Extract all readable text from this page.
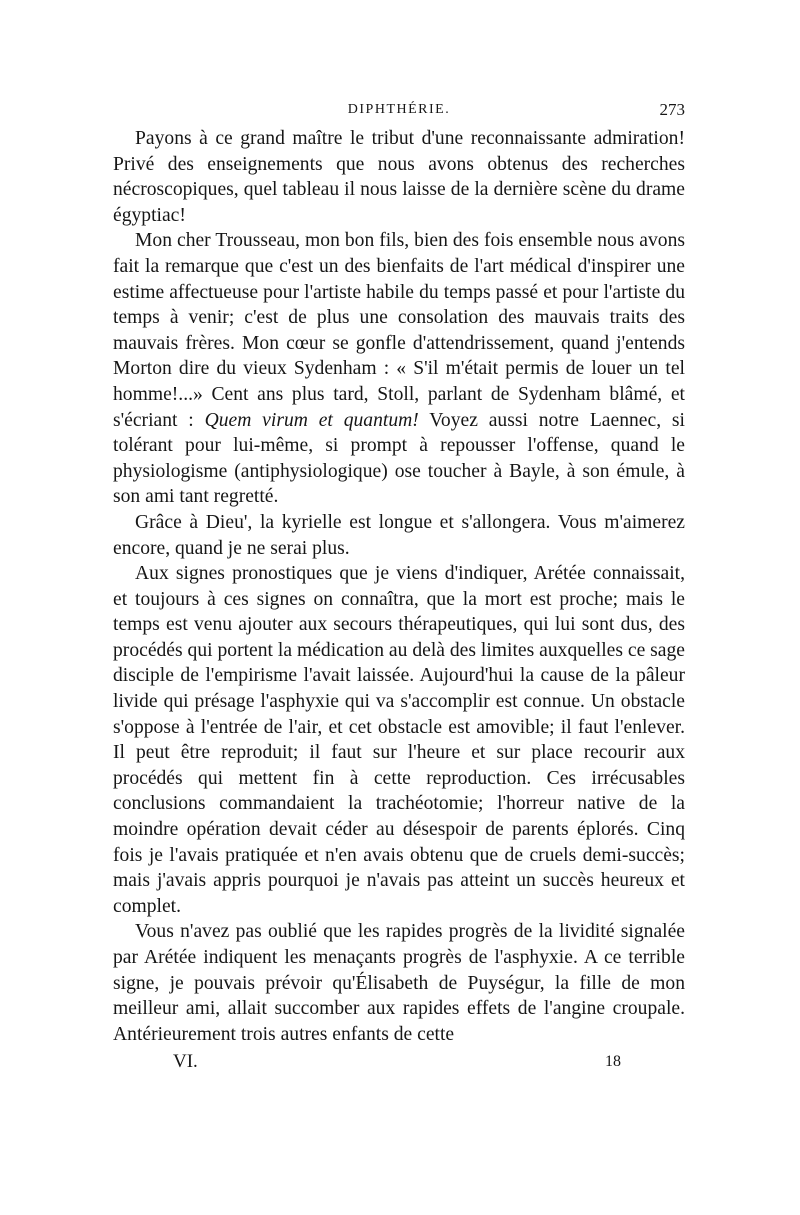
DIPHTHÉRIE.	273

Payons à ce grand maître le tribut d'une reconnaissante admiration! Privé des enseignements que nous avons obtenus des recherches nécroscopiques, quel tableau il nous laisse de la dernière scène du drame égyptiac!

Mon cher Trousseau, mon bon fils, bien des fois ensemble nous avons fait la remarque que c'est un des bienfaits de l'art médical d'inspirer une estime affectueuse pour l'artiste habile du temps passé et pour l'artiste du temps à venir; c'est de plus une consolation des mauvais traits des mauvais frères. Mon cœur se gonfle d'attendrissement, quand j'entends Morton dire du vieux Sydenham : « S'il m'était permis de louer un tel homme!...» Cent ans plus tard, Stoll, parlant de Sydenham blâmé, et s'écriant : Quem virum et quantum! Voyez aussi notre Laennec, si tolérant pour lui-même, si prompt à repousser l'offense, quand le physiologisme (antiphysiologique) ose toucher à Bayle, à son émule, à son ami tant regretté.

Grâce à Dieu', la kyrielle est longue et s'allongera. Vous m'aimerez encore, quand je ne serai plus.

Aux signes pronostiques que je viens d'indiquer, Arétée connaissait, et toujours à ces signes on connaîtra, que la mort est proche; mais le temps est venu ajouter aux secours thérapeutiques, qui lui sont dus, des procédés qui portent la médication au delà des limites auxquelles ce sage disciple de l'empirisme l'avait laissée. Aujourd'hui la cause de la pâleur livide qui présage l'asphyxie qui va s'accomplir est connue. Un obstacle s'oppose à l'entrée de l'air, et cet obstacle est amovible; il faut l'enlever. Il peut être reproduit; il faut sur l'heure et sur place recourir aux procédés qui mettent fin à cette reproduction. Ces irrécusables conclusions commandaient la trachéotomie; l'horreur native de la moindre opération devait céder au désespoir de parents éplorés. Cinq fois je l'avais pratiquée et n'en avais obtenu que de cruels demi-succès; mais j'avais appris pourquoi je n'avais pas atteint un succès heureux et complet.

Vous n'avez pas oublié que les rapides progrès de la lividité signalée par Arétée indiquent les menaçants progrès de l'asphyxie. A ce terrible signe, je pouvais prévoir qu'Élisabeth de Puységur, la fille de mon meilleur ami, allait succomber aux rapides effets de l'angine croupale. Antérieurement trois autres enfants de cette

VI.	18
